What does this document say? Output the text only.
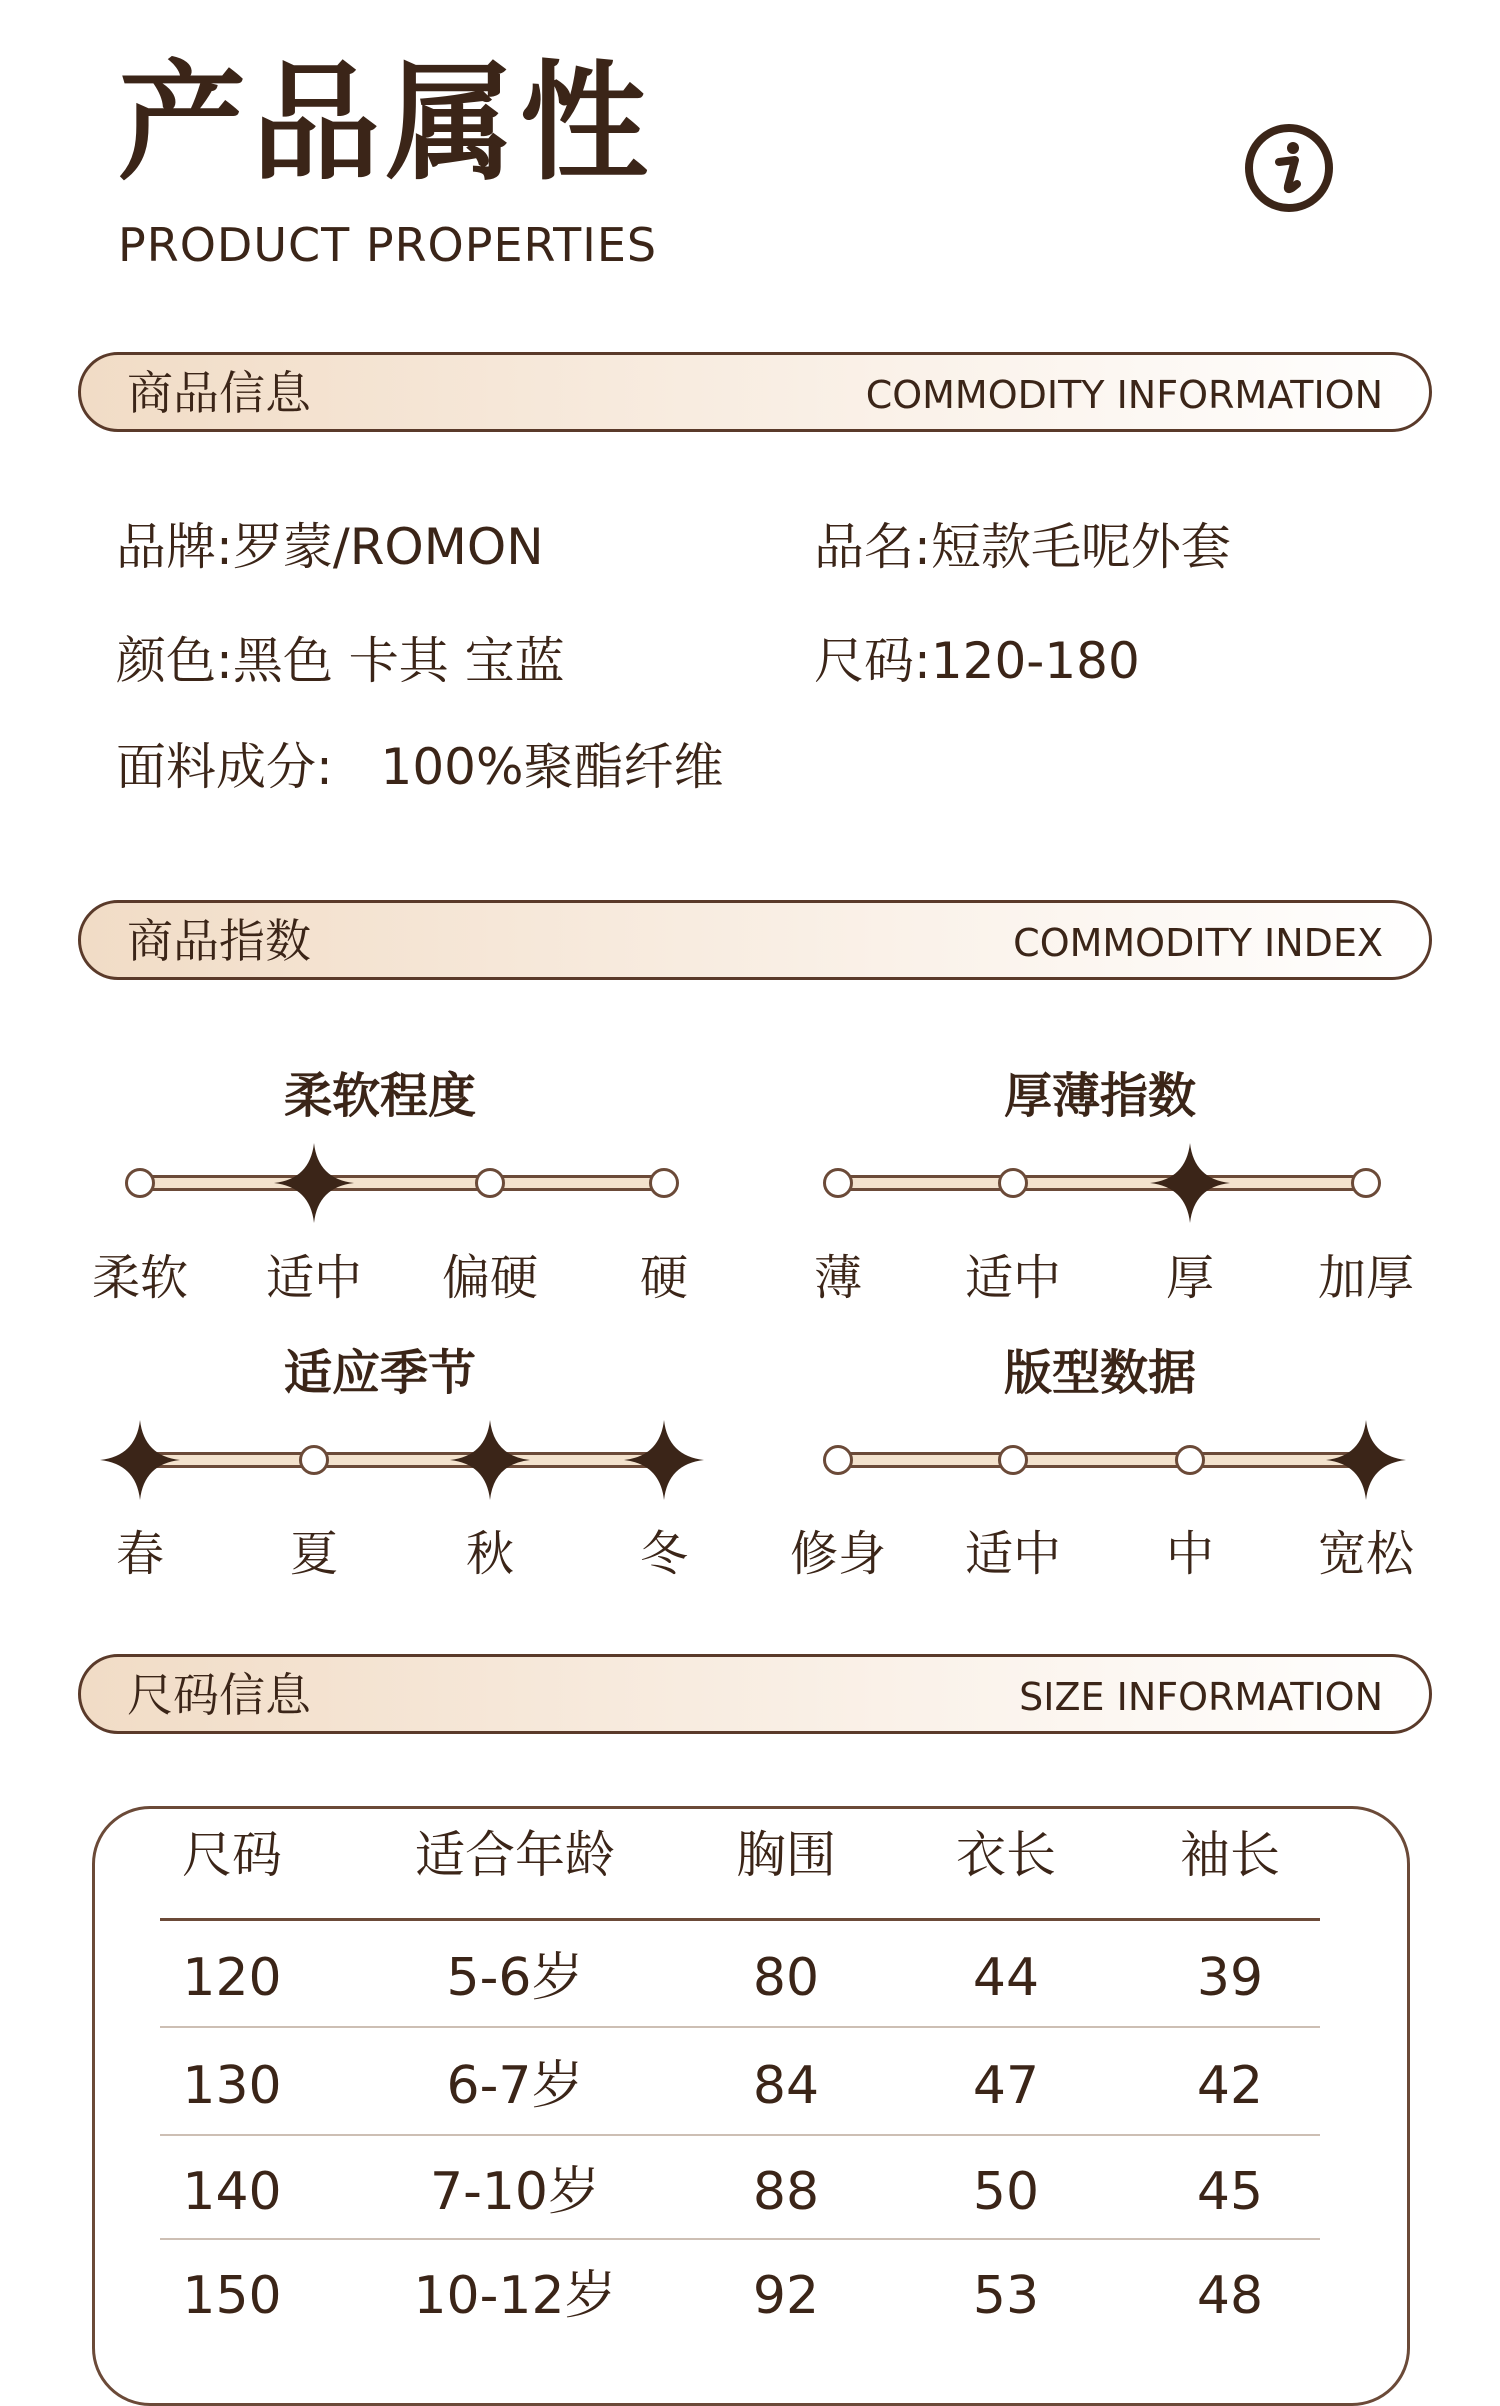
产品属性
PRODUCT PROPERTIES
商品信息	COMMODITY INFORMATION
品牌:罗蒙/ROMON	品名:短款毛呢外套
颜色:黑色 卡其 宝蓝	尺码:120-180
面料成分:   100%聚酯纤维
商品指数	COMMODITY INDEX
柔软程度
柔软 适中 偏硬 硬
厚薄指数
薄 适中 厚 加厚
适应季节
春	夏	秋	冬
版型数据
修身 适中 中 宽松
尺码信息	SIZE INFORMATION
尺码	适合年龄 胸围 衣长 袖长
120	5-6岁	80	44	39
130	6-7岁	84	47	42
140	7-10岁	88	50	45
150	10-12岁	92	53	48
